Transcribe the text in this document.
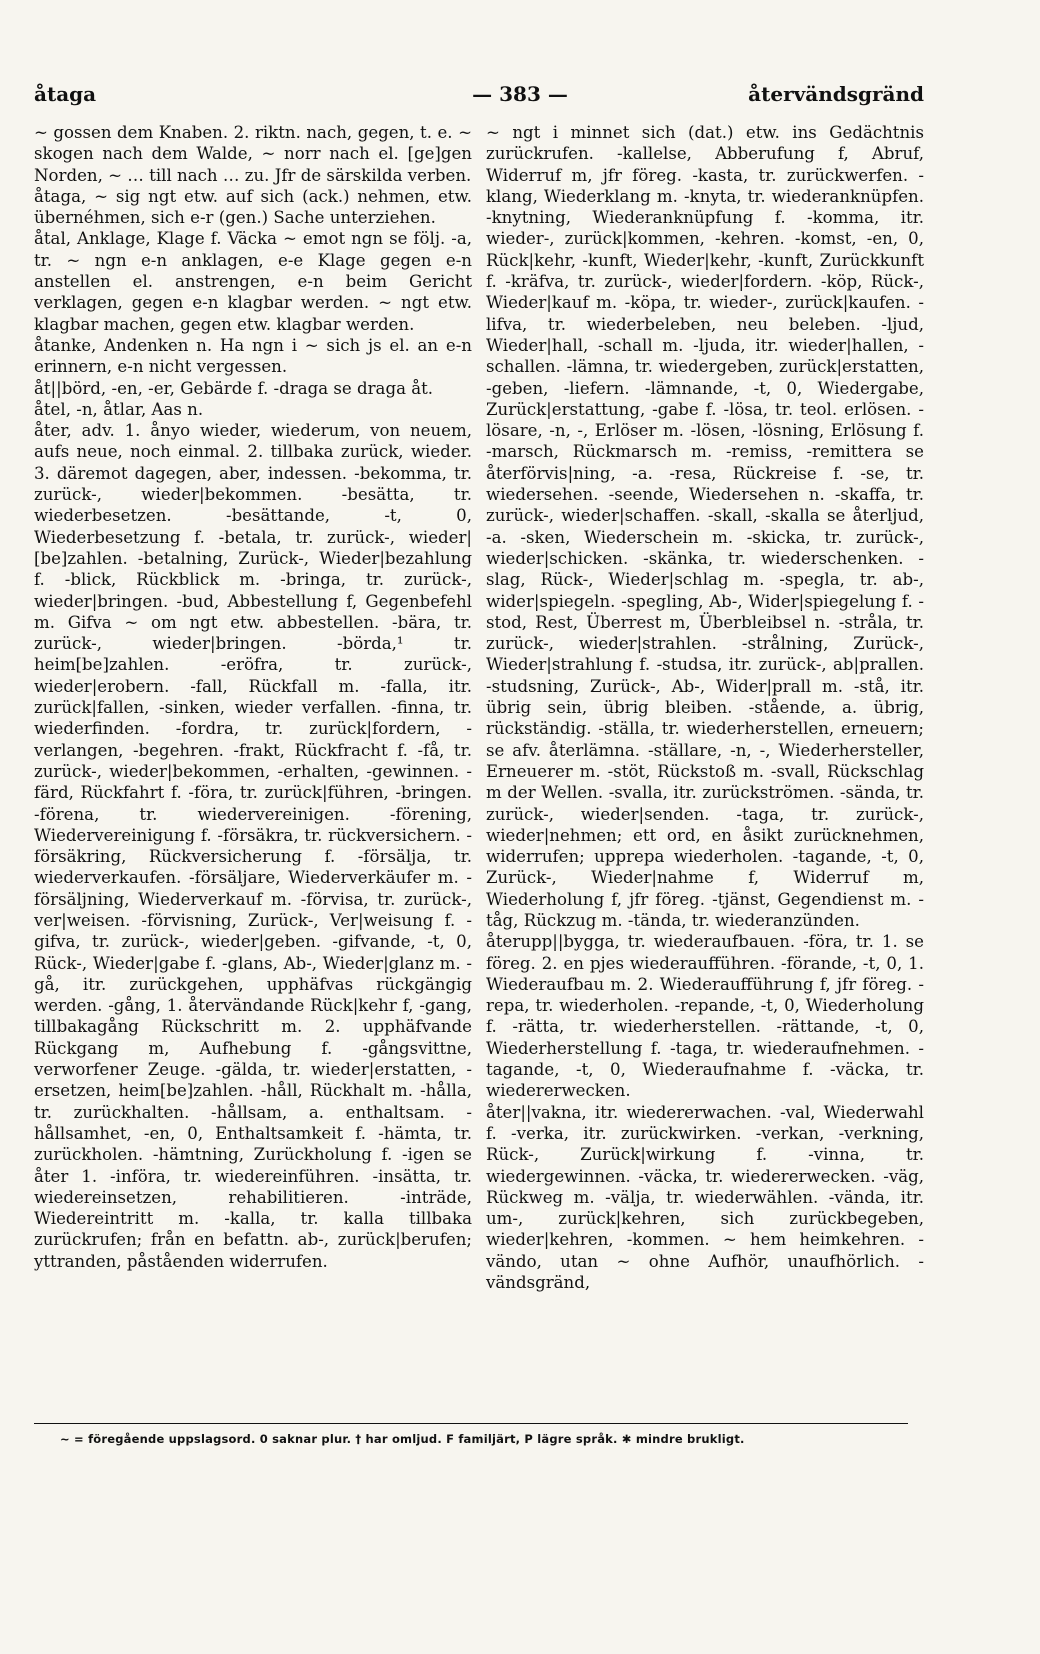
— 383 —
åtaga	återvändsgränd

~ gossen dem Knaben. 2. riktn. nach, gegen, t. e. ~ skogen nach dem Walde, ~ norr nach el. [ge]gen Norden, ~ … till nach … zu. Jfr de särskilda verben.

åtaga, ~ sig ngt etw. auf sich (ack.) nehmen, etw. übernéhmen, sich e-r (gen.) Sache unterziehen.

åtal, Anklage, Klage f. Väcka ~ emot ngn se följ. -a, tr. ~ ngn e-n anklagen, e-e Klage gegen e-n anstellen el. anstrengen, e-n beim Gericht verklagen, gegen e-n klagbar werden. ~ ngt etw. klagbar machen, gegen etw. klagbar werden.

åtanke, Andenken n. Ha ngn i ~ sich js el. an e-n erinnern, e-n nicht vergessen.

åt||börd, -en, -er, Gebärde f. -draga se draga åt.

åtel, -n, åtlar, Aas n.

åter, adv. 1. ånyo wieder, wiederum, von neuem, aufs neue, noch einmal. 2. tillbaka zurück, wieder. 3. däremot dagegen, aber, indessen. -bekomma, tr. zurück-, wieder|bekommen. -besätta, tr. wiederbesetzen. -besättande, -t, 0, Wiederbesetzung f. -betala, tr. zurück-, wieder|[be]zahlen. -betalning, Zurück-, Wieder|bezahlung f. -blick, Rückblick m. -bringa, tr. zurück-, wieder|bringen. -bud, Abbestellung f, Gegenbefehl m. Gifva ~ om ngt etw. abbestellen. -bära, tr. zurück-, wieder|bringen. -börda,¹ tr. heim[be]zahlen. -eröfra, tr. zurück-, wieder|erobern. -fall, Rückfall m. -falla, itr. zurück|fallen, -sinken, wieder verfallen. -finna, tr. wiederfinden. -fordra, tr. zurück|fordern, -verlangen, -begehren. -frakt, Rückfracht f. -få, tr. zurück-, wieder|bekommen, -erhalten, -gewinnen. -färd, Rückfahrt f. -föra, tr. zurück|führen, -bringen. -förena, tr. wiedervereinigen. -förening, Wiedervereinigung f. -försäkra, tr. rückversichern. -försäkring, Rückversicherung f. -försälja, tr. wiederverkaufen. -försäljare, Wiederverkäufer m. -försäljning, Wiederverkauf m. -förvisa, tr. zurück-, ver|weisen. -förvisning, Zurück-, Ver|weisung f. -gifva, tr. zurück-, wieder|geben. -gifvande, -t, 0, Rück-, Wieder|gabe f. -glans, Ab-, Wieder|glanz m. -gå, itr. zurückgehen, upphäfvas rückgängig werden. -gång, 1. återvändande Rück|kehr f, -gang, tillbakagång Rückschritt m. 2. upphäfvande Rückgang m, Aufhebung f. -gångsvittne, verworfener Zeuge. -gälda, tr. wieder|erstatten, -ersetzen, heim[be]zahlen. -håll, Rückhalt m. -hålla, tr. zurückhalten. -hållsam, a. enthaltsam. -hållsamhet, -en, 0, Enthaltsamkeit f. -hämta, tr. zurückholen. -hämtning, Zurückholung f. -igen se åter 1. -införa, tr. wiedereinführen. -insätta, tr. wiedereinsetzen, rehabilitieren. -inträde, Wiedereintritt m. -kalla, tr. kalla tillbaka zurückrufen; från en befattn. ab-, zurück|berufen; yttranden, påståenden widerrufen.

~ ngt i minnet sich (dat.) etw. ins Gedächtnis zurückrufen. -kallelse, Abberufung f, Abruf, Widerruf m, jfr föreg. -kasta, tr. zurückwerfen. -klang, Wiederklang m. -knyta, tr. wiederanknüpfen. -knytning, Wiederanknüpfung f. -komma, itr. wieder-, zurück|kommen, -kehren. -komst, -en, 0, Rück|kehr, -kunft, Wieder|kehr, -kunft, Zurückkunft f. -kräfva, tr. zurück-, wieder|fordern. -köp, Rück-, Wieder|kauf m. -köpa, tr. wieder-, zurück|kaufen. -lifva, tr. wiederbeleben, neu beleben. -ljud, Wieder|hall, -schall m. -ljuda, itr. wieder|hallen, -schallen. -lämna, tr. wiedergeben, zurück|erstatten, -geben, -liefern. -lämnande, -t, 0, Wiedergabe, Zurück|erstattung, -gabe f. -lösa, tr. teol. erlösen. -lösare, -n, -, Erlöser m. -lösen, -lösning, Erlösung f. -marsch, Rückmarsch m. -remiss, -remittera se återförvis|ning, -a. -resa, Rückreise f. -se, tr. wiedersehen. -seende, Wiedersehen n. -skaffa, tr. zurück-, wieder|schaffen. -skall, -skalla se återljud, -a. -sken, Wiederschein m. -skicka, tr. zurück-, wieder|schicken. -skänka, tr. wiederschenken. -slag, Rück-, Wieder|schlag m. -spegla, tr. ab-, wider|spiegeln. -spegling, Ab-, Wider|spiegelung f. -stod, Rest, Überrest m, Überbleibsel n. -stråla, tr. zurück-, wieder|strahlen. -strålning, Zurück-, Wieder|strahlung f. -studsa, itr. zurück-, ab|prallen. -studsning, Zurück-, Ab-, Wider|prall m. -stå, itr. übrig sein, übrig bleiben. -stående, a. übrig, rückständig. -ställa, tr. wiederherstellen, erneuern; se afv. återlämna. -ställare, -n, -, Wiederhersteller, Erneuerer m. -stöt, Rückstoß m. -svall, Rückschlag m der Wellen. -svalla, itr. zurückströmen. -sända, tr. zurück-, wieder|senden. -taga, tr. zurück-, wieder|nehmen; ett ord, en åsikt zurücknehmen, widerrufen; upprepa wiederholen. -tagande, -t, 0, Zurück-, Wieder|nahme f, Widerruf m, Wiederholung f, jfr föreg. -tjänst, Gegendienst m. -tåg, Rückzug m. -tända, tr. wiederanzünden.

återupp||bygga, tr. wiederaufbauen. -föra, tr. 1. se föreg. 2. en pjes wiederaufführen. -förande, -t, 0, 1. Wiederaufbau m. 2. Wiederaufführung f, jfr föreg. -repa, tr. wiederholen. -repande, -t, 0, Wiederholung f. -rätta, tr. wiederherstellen. -rättande, -t, 0, Wiederherstellung f. -taga, tr. wiederaufnehmen. -tagande, -t, 0, Wiederaufnahme f. -väcka, tr. wiedererwecken.

åter||vakna, itr. wiedererwachen. -val, Wiederwahl f. -verka, itr. zurückwirken. -verkan, -verkning, Rück-, Zurück|wirkung f. -vinna, tr. wiedergewinnen. -väcka, tr. wiedererwecken. -väg, Rückweg m. -välja, tr. wiederwählen. -vända, itr. um-, zurück|kehren, sich zurückbegeben, wieder|kehren, -kommen. ~ hem heimkehren. -vändo, utan ~ ohne Aufhör, unaufhörlich. -vändsgränd,

~ = föregående uppslagsord. 0 saknar plur. † har omljud. F familjärt, P lägre språk. ✱ mindre brukligt.
